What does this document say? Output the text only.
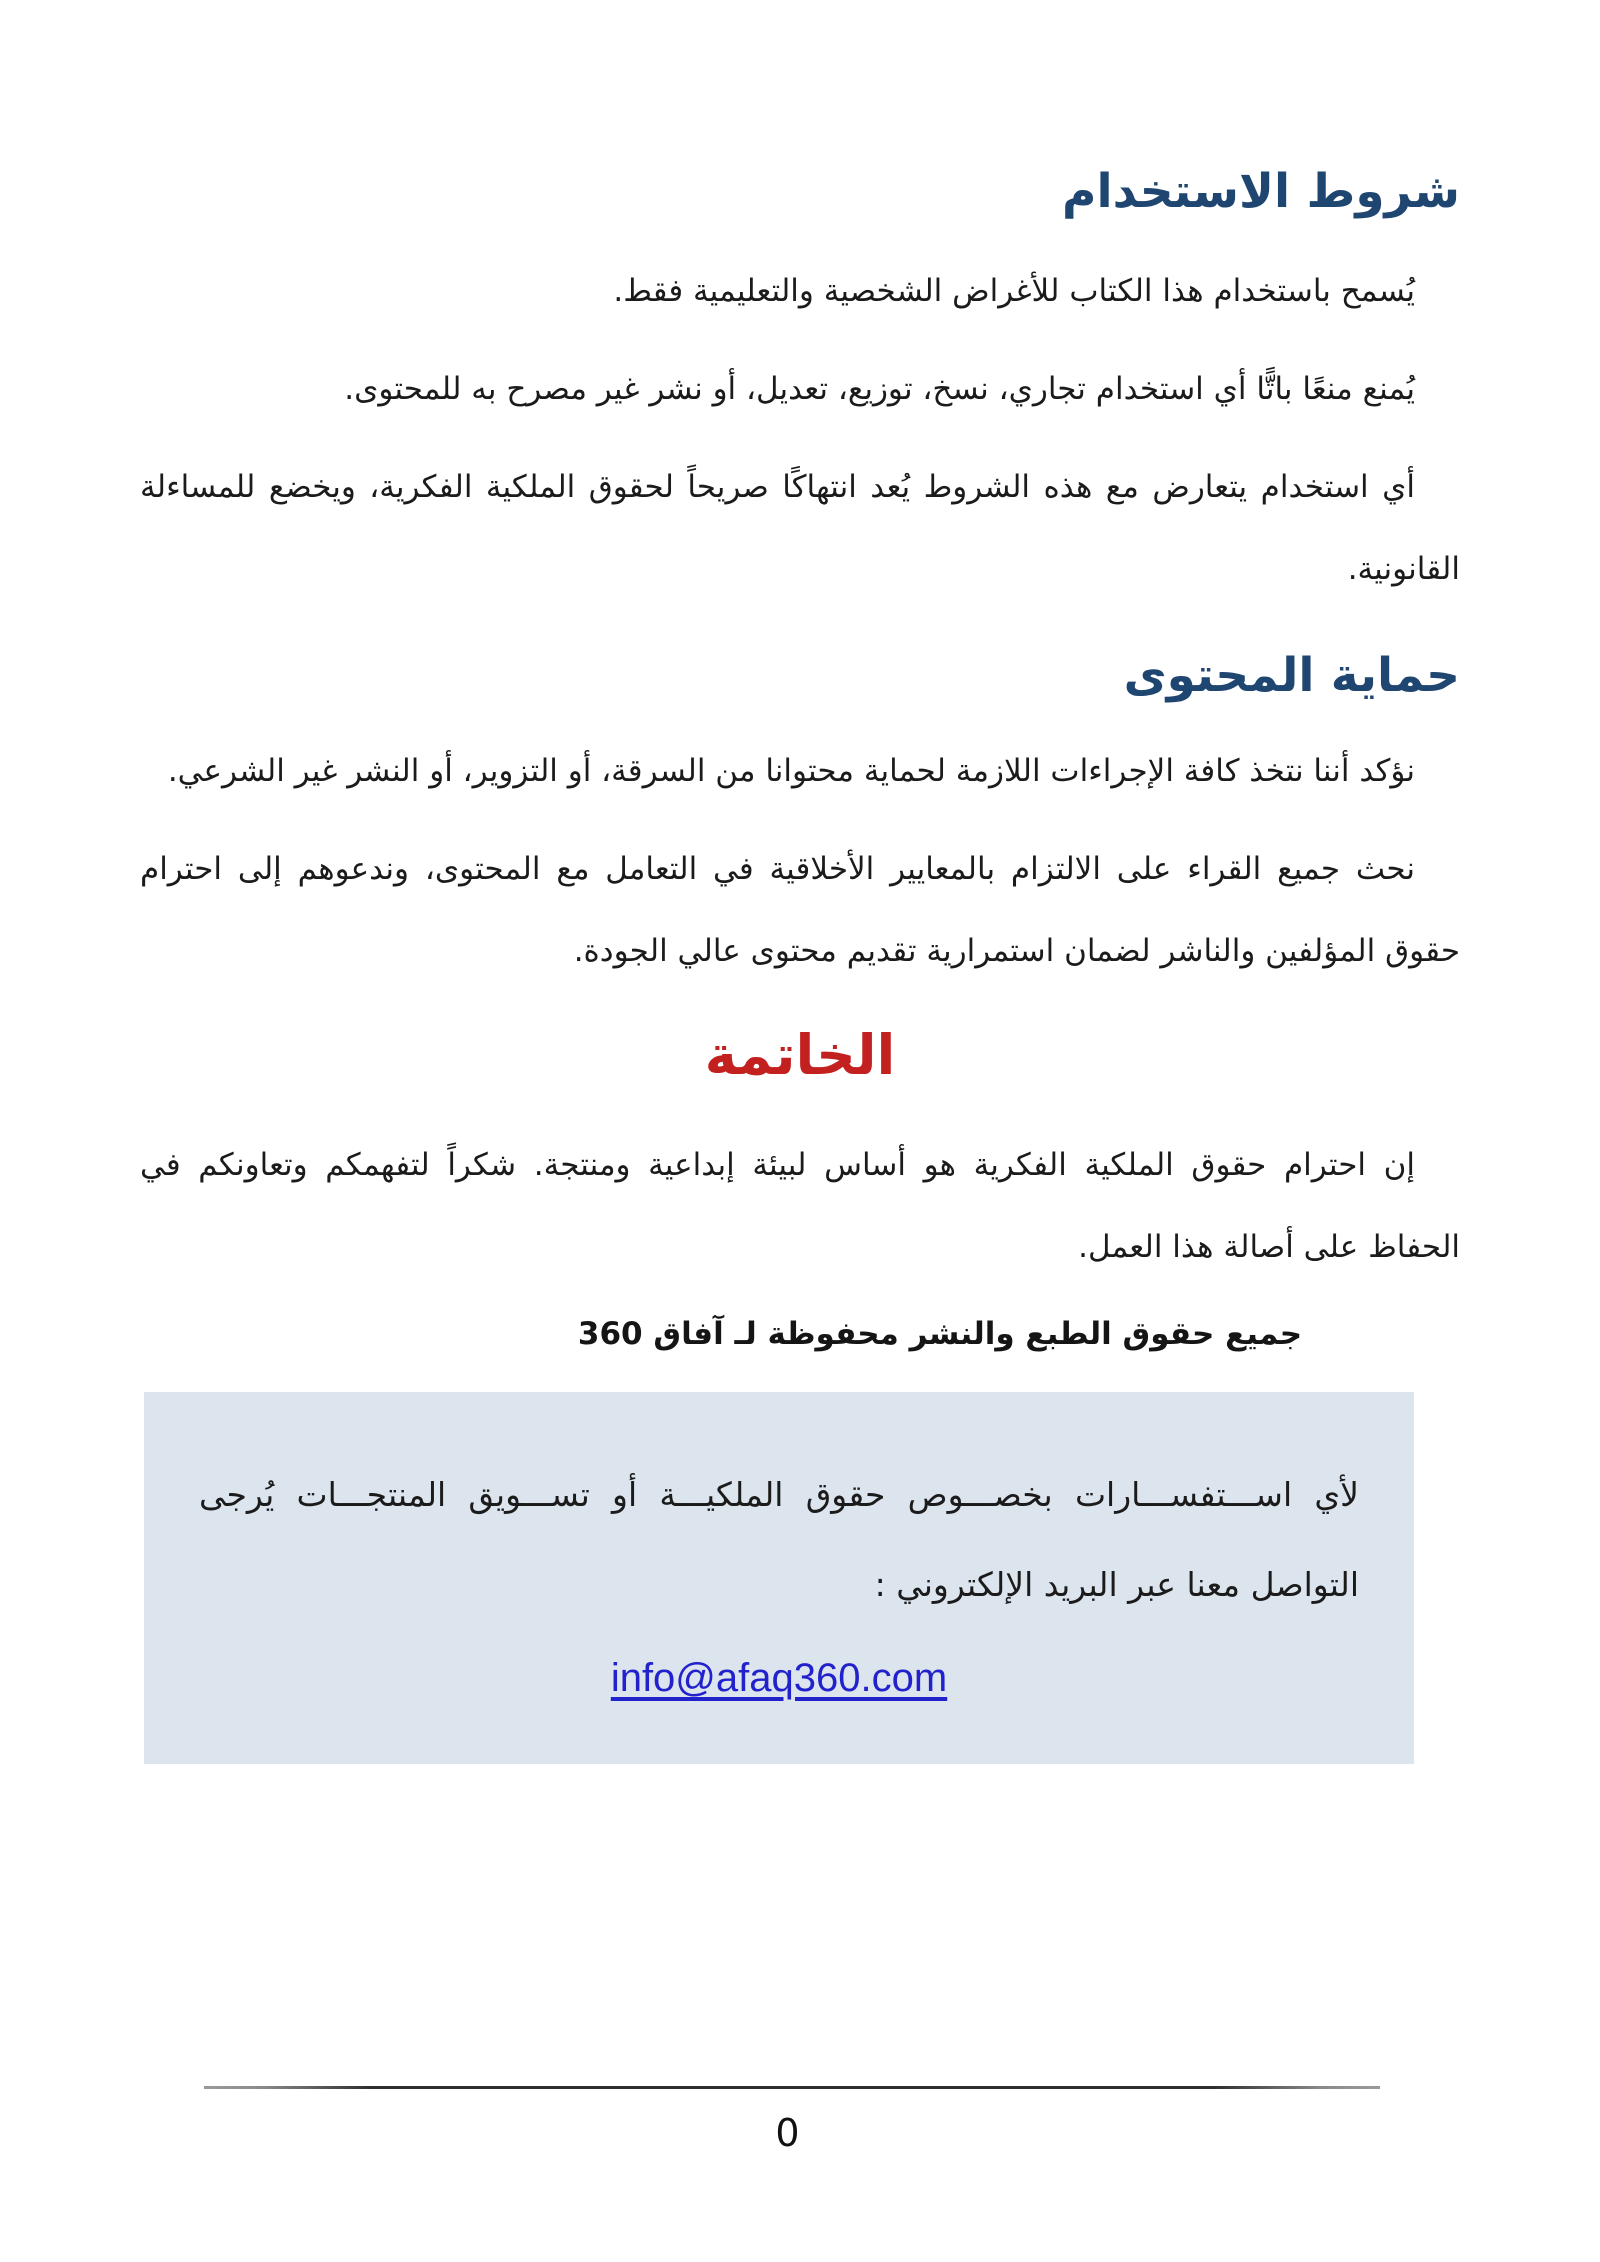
شروط الاستخدام

يُسمح باستخدام هذا الكتاب للأغراض الشخصية والتعليمية فقط.

يُمنع منعًا باتًّا أي استخدام تجاري، نسخ، توزيع، تعديل، أو نشر غير مصرح به للمحتوى.

أي استخدام يتعارض مع هذه الشروط يُعد انتهاكًا صريحاً لحقوق الملكية الفكرية، ويخضع للمساءلة القانونية.

حماية المحتوى

نؤكد أننا نتخذ كافة الإجراءات اللازمة لحماية محتوانا من السرقة، أو التزوير، أو النشر غير الشرعي.

نحث جميع القراء على الالتزام بالمعايير الأخلاقية في التعامل مع المحتوى، وندعوهم إلى احترام حقوق المؤلفين والناشر لضمان استمرارية تقديم محتوى عالي الجودة.

الخاتمة

إن احترام حقوق الملكية الفكرية هو أساس لبيئة إبداعية ومنتجة. شكراً لتفهمكم وتعاونكم في الحفاظ على أصالة هذا العمل.

جميع حقوق الطبع والنشر محفوظة لـ آفاق 360

لأي اســـتفســـارات بخصـــوص حقوق الملكيـــة أو تســـويق المنتجـــات يُرجى التواصل معنا عبر البريد الإلكتروني :

info@afaq360.com
0
